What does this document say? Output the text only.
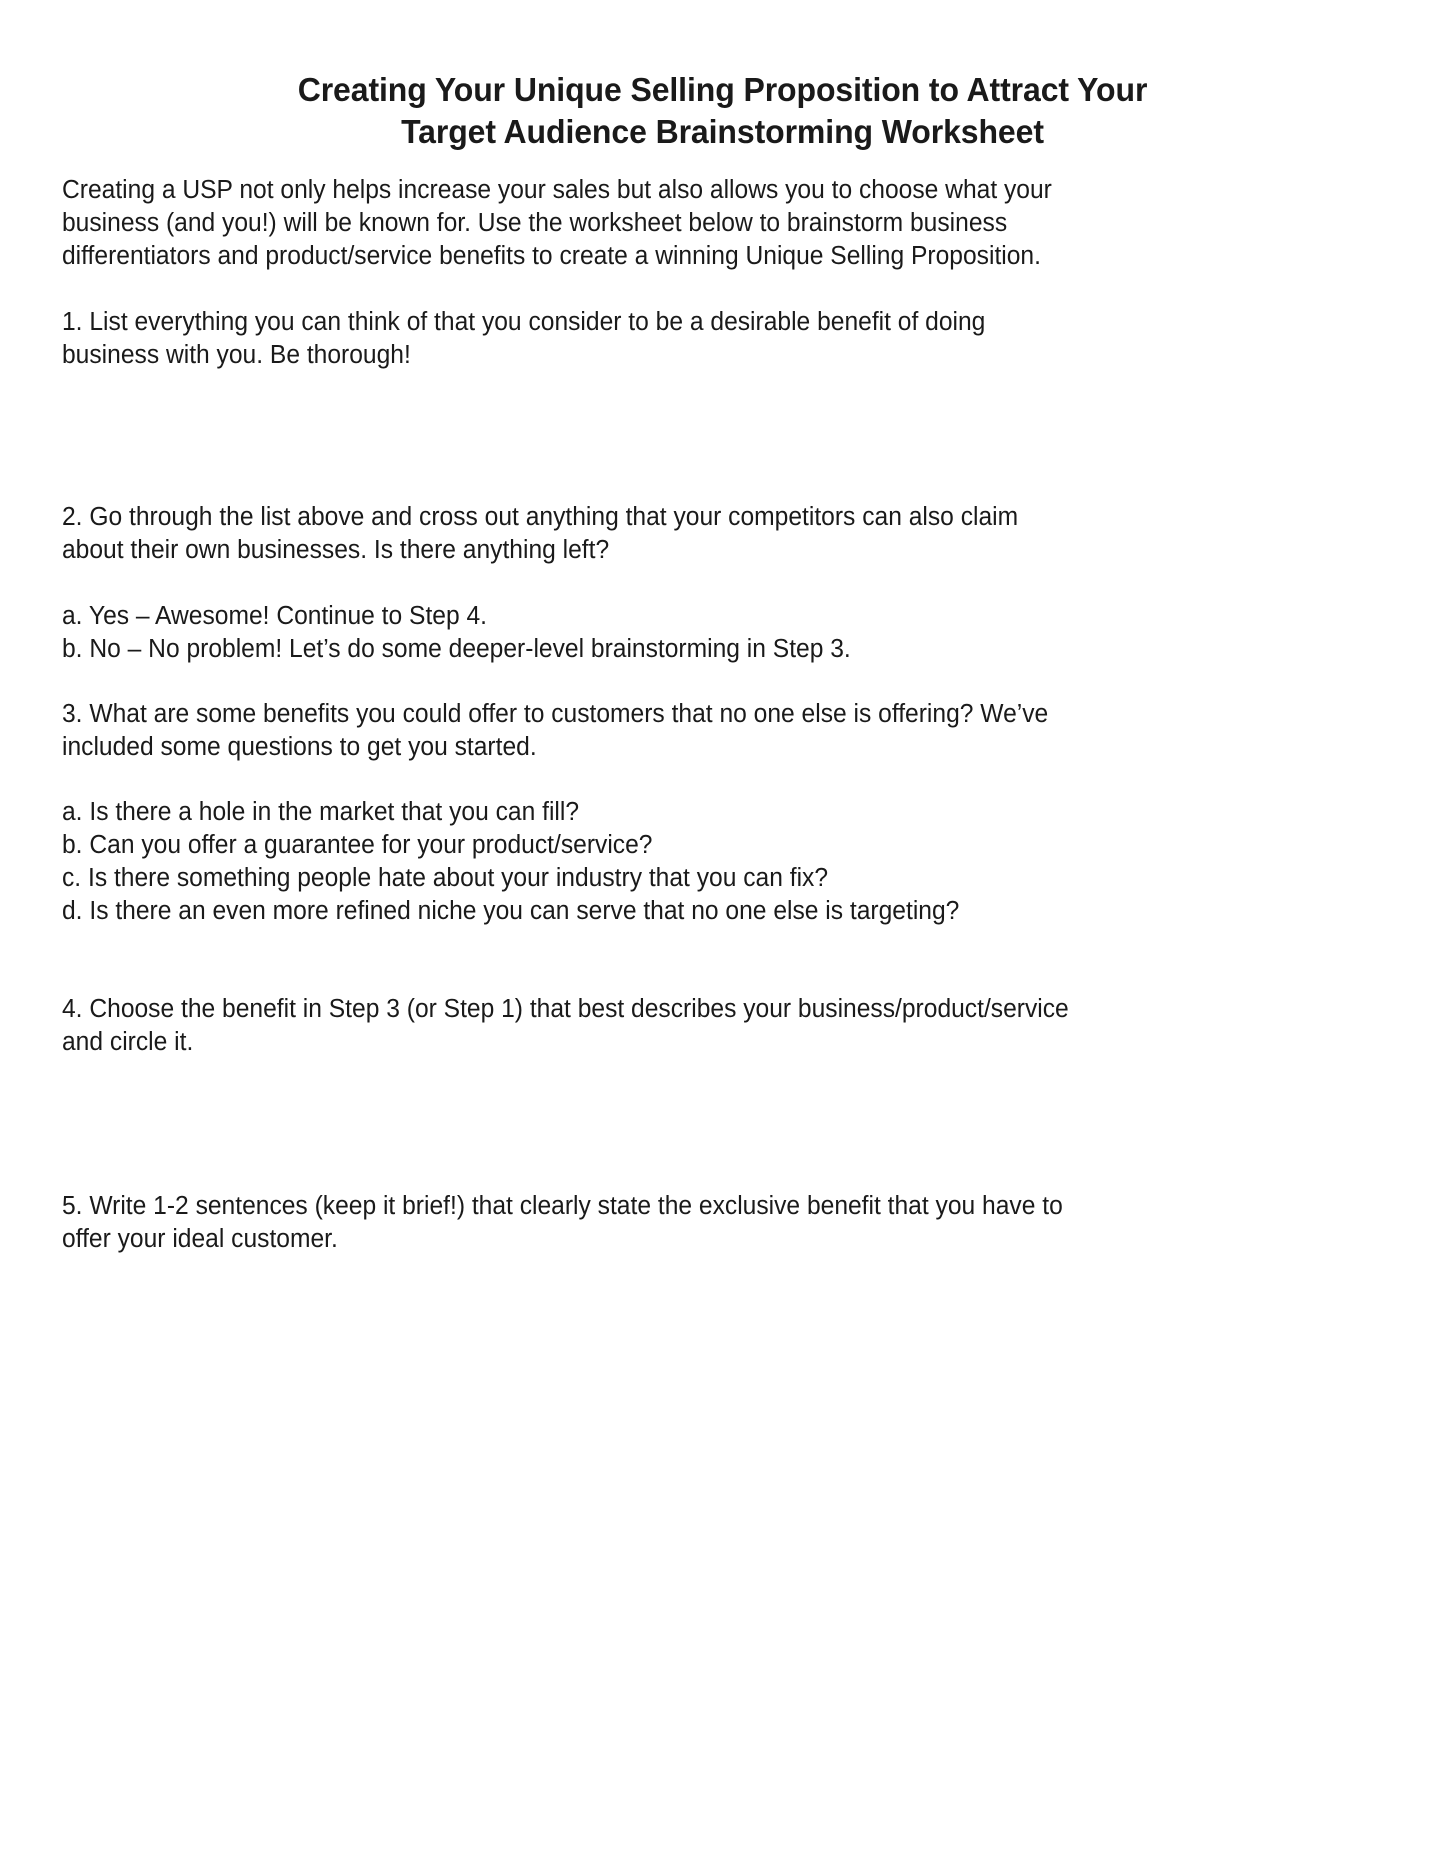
Creating Your Unique Selling Proposition to Attract Your
Target Audience Brainstorming Worksheet

Creating a USP not only helps increase your sales but also allows you to choose what your
business (and you!) will be known for. Use the worksheet below to brainstorm business
differentiators and product/service benefits to create a winning Unique Selling Proposition.

1. List everything you can think of that you consider to be a desirable benefit of doing
business with you. Be thorough!

2. Go through the list above and cross out anything that your competitors can also claim
about their own businesses. Is there anything left?

a. Yes – Awesome! Continue to Step 4.
b. No – No problem! Let’s do some deeper-level brainstorming in Step 3.

3. What are some benefits you could offer to customers that no one else is offering? We’ve
included some questions to get you started.

a. Is there a hole in the market that you can fill?
b. Can you offer a guarantee for your product/service?
c. Is there something people hate about your industry that you can fix?
d. Is there an even more refined niche you can serve that no one else is targeting?

4. Choose the benefit in Step 3 (or Step 1) that best describes your business/product/service
and circle it.

5. Write 1-2 sentences (keep it brief!) that clearly state the exclusive benefit that you have to
offer your ideal customer.
